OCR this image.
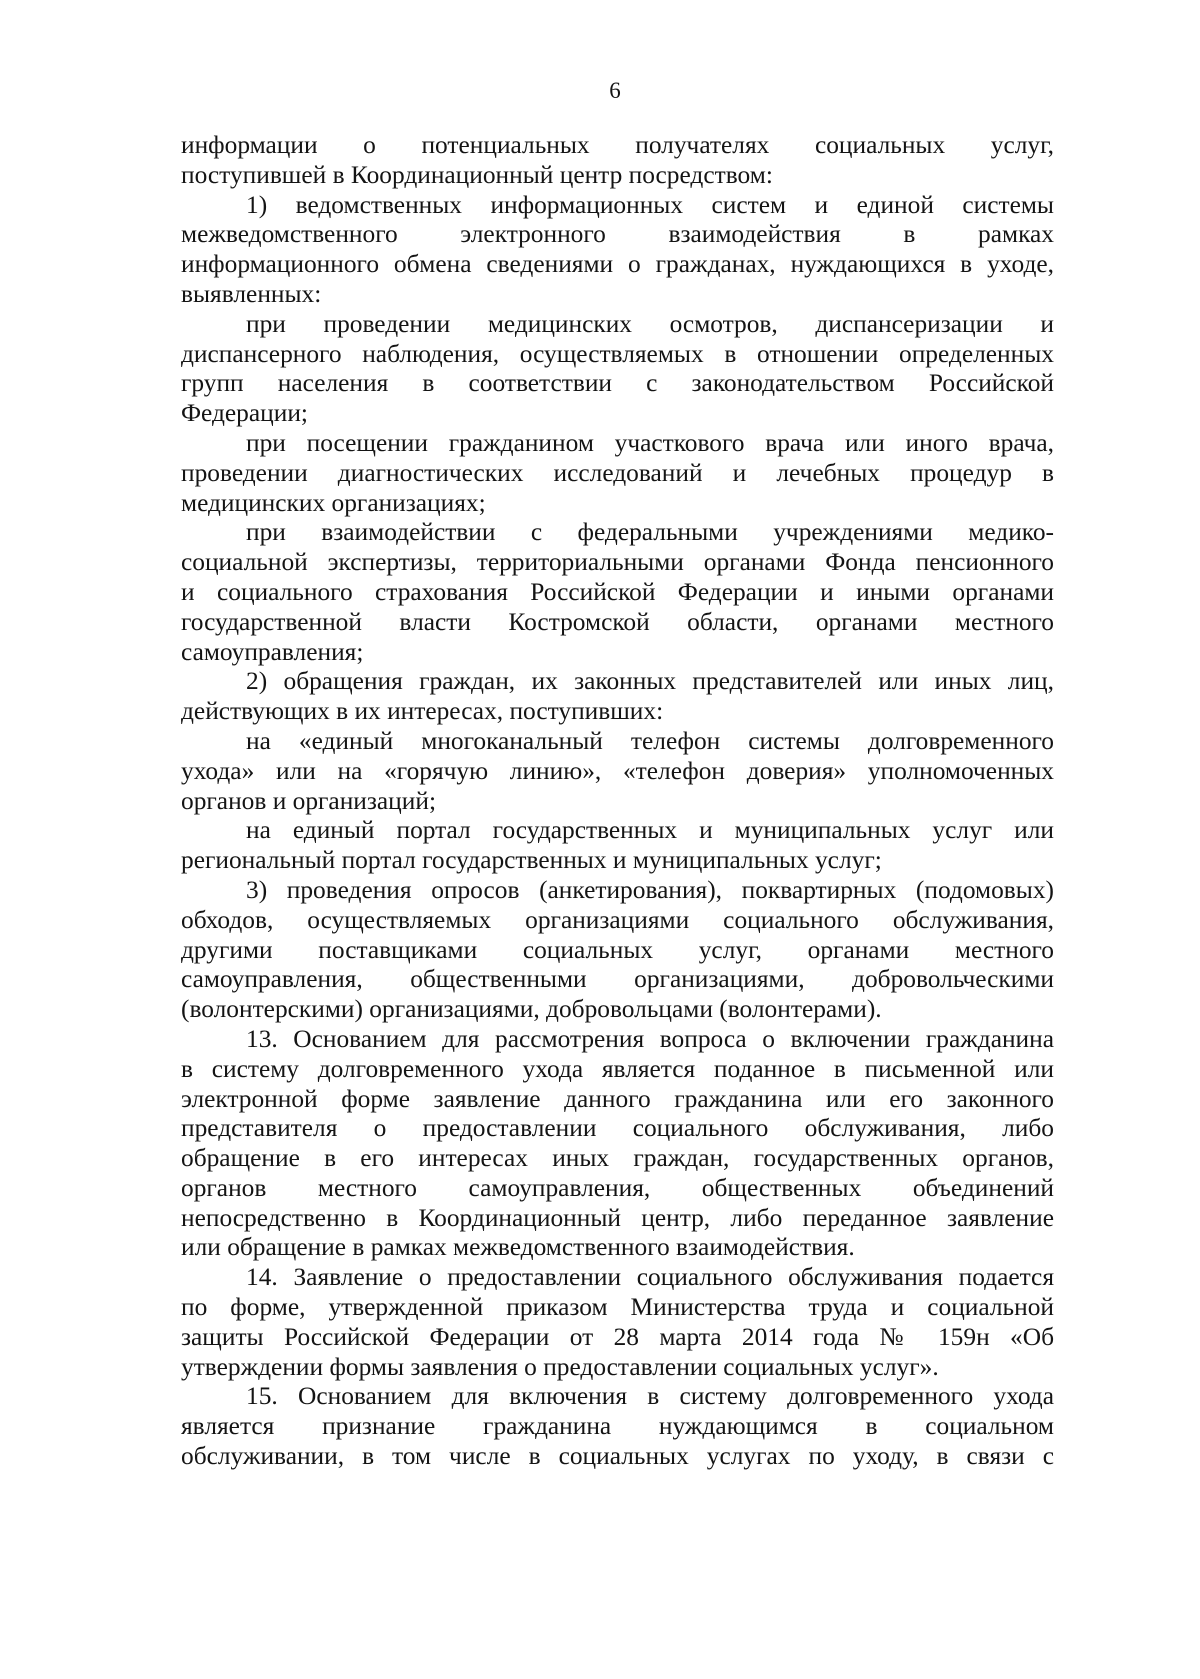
6

информации о потенциальных получателях социальных услуг,

поступившей в Координационный центр посредством:

1) ведомственных информационных систем и единой системы

межведомственного электронного взаимодействия в рамках

информационного обмена сведениями о гражданах, нуждающихся в уходе,

выявленных:

при проведении медицинских осмотров, диспансеризации и

диспансерного наблюдения, осуществляемых в отношении определенных

групп населения в соответствии с законодательством Российской

Федерации;

при посещении гражданином участкового врача или иного врача,

проведении диагностических исследований и лечебных процедур в

медицинских организациях;

при взаимодействии с федеральными учреждениями медико-

социальной экспертизы, территориальными органами Фонда пенсионного

и социального страхования Российской Федерации и иными органами

государственной власти Костромской области, органами местного

самоуправления;

2) обращения граждан, их законных представителей или иных лиц,

действующих в их интересах, поступивших:

на «единый многоканальный телефон системы долговременного

ухода» или на «горячую линию», «телефон доверия» уполномоченных

органов и организаций;

на единый портал государственных и муниципальных услуг или

региональный портал государственных и муниципальных услуг;

3) проведения опросов (анкетирования), поквартирных (подомовых)

обходов, осуществляемых организациями социального обслуживания,

другими поставщиками социальных услуг, органами местного

самоуправления, общественными организациями, добровольческими

(волонтерскими) организациями, добровольцами (волонтерами).

13. Основанием для рассмотрения вопроса о включении гражданина

в систему долговременного ухода является поданное в письменной или

электронной форме заявление данного гражданина или его законного

представителя о предоставлении социального обслуживания, либо

обращение в его интересах иных граждан, государственных органов,

органов местного самоуправления, общественных объединений

непосредственно в Координационный центр, либо переданное заявление

или обращение в рамках межведомственного взаимодействия.

14. Заявление о предоставлении социального обслуживания подается

по форме, утвержденной приказом Министерства труда и социальной

защиты Российской Федерации от 28 марта 2014 года № 159н «Об

утверждении формы заявления о предоставлении социальных услуг».

15. Основанием для включения в систему долговременного ухода

является признание гражданина нуждающимся в социальном

обслуживании, в том числе в социальных услугах по уходу, в связи с
